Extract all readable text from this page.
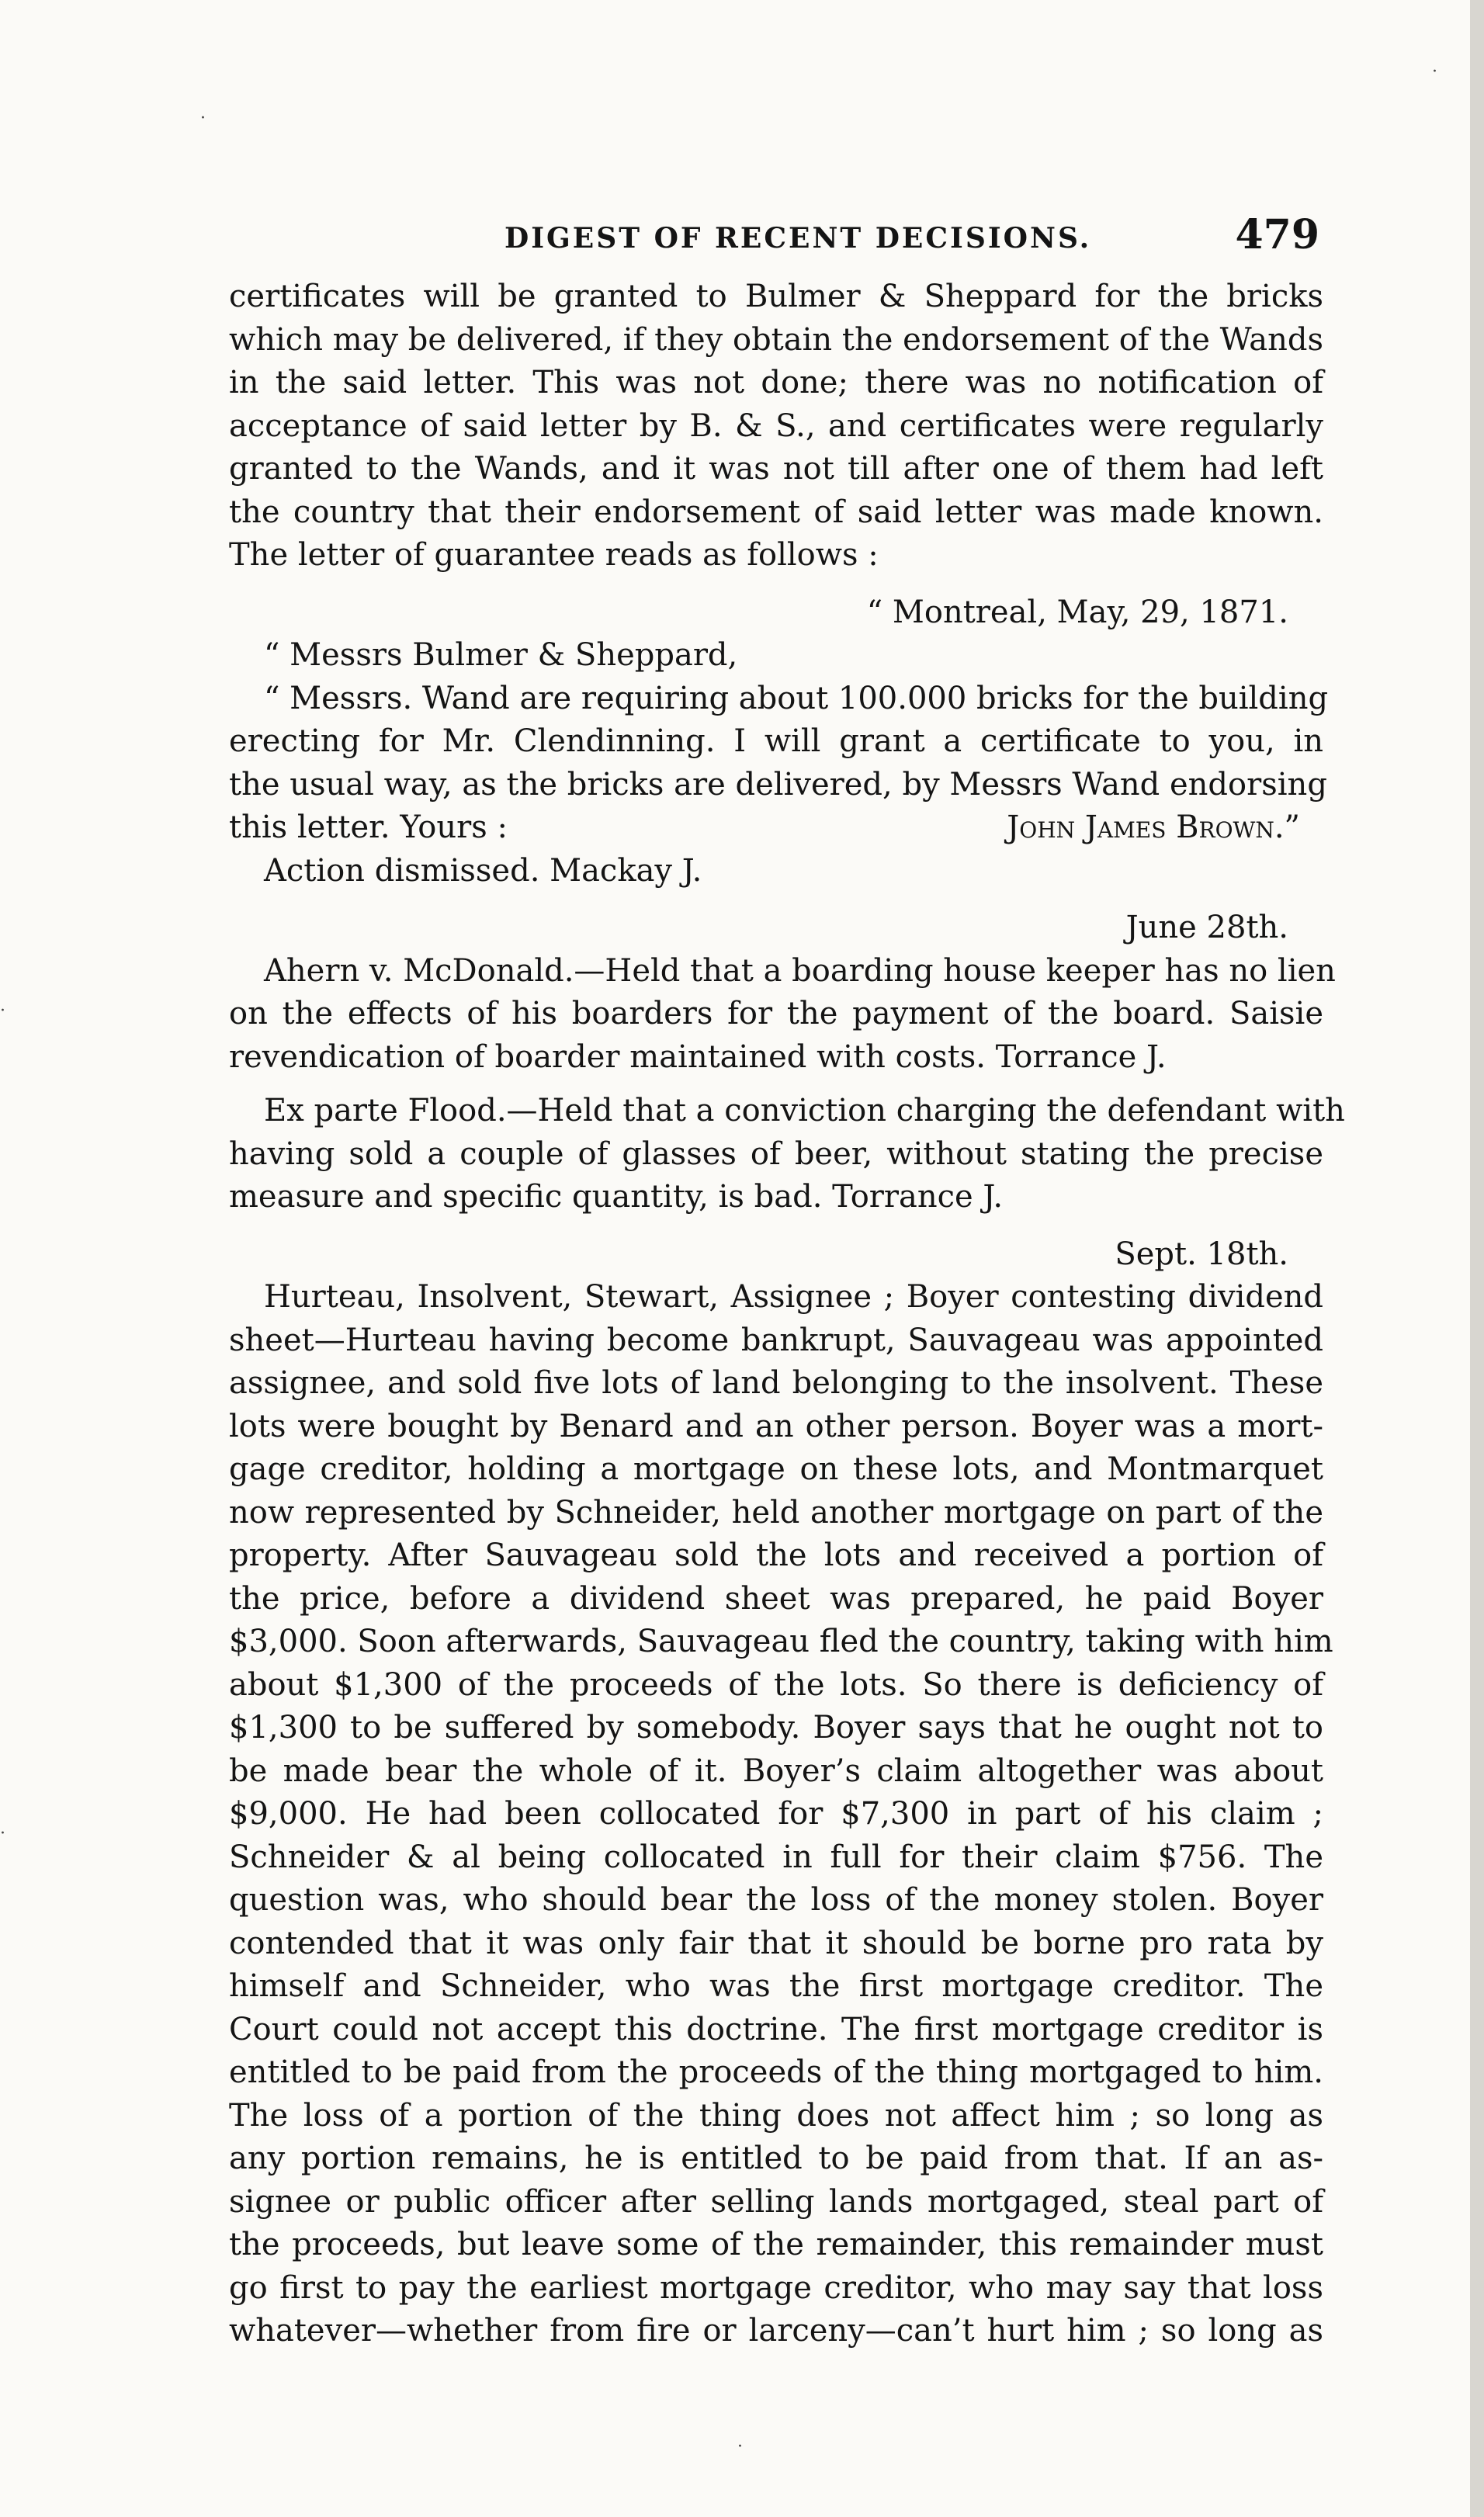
·
·
·
·
·
DIGEST OF RECENT DECISIONS.	479
certificates will be granted to Bulmer & Sheppard for the bricks
which may be delivered, if they obtain the endorsement of the Wands
in the said letter. This was not done; there was no notification of
acceptance of said letter by B. & S., and certificates were regularly
granted to the Wands, and it was not till after one of them had left
the country that their endorsement of said letter was made known.
The letter of guarantee reads as follows :
“ Montreal, May, 29, 1871.
“ Messrs Bulmer & Sheppard,
“ Messrs. Wand are requiring about 100.000 bricks for the building
erecting for Mr. Clendinning. I will grant a certificate to you, in
the usual way, as the bricks are delivered, by Messrs Wand endorsing
this letter. Yours :	John James Brown.”
Action dismissed. Mackay J.
June 28th.
Ahern v. McDonald.—Held that a boarding house keeper has no lien
on the effects of his boarders for the payment of the board. Saisie
revendication of boarder maintained with costs. Torrance J.
Ex parte Flood.—Held that a conviction charging the defendant with
having sold a couple of glasses of beer, without stating the precise
measure and specific quantity, is bad. Torrance J.
Sept. 18th.
Hurteau, Insolvent, Stewart, Assignee ; Boyer contesting dividend
sheet—Hurteau having become bankrupt, Sauvageau was appointed
assignee, and sold five lots of land belonging to the insolvent. These
lots were bought by Benard and an other person. Boyer was a mort-
gage creditor, holding a mortgage on these lots, and Montmarquet
now represented by Schneider, held another mortgage on part of the
property. After Sauvageau sold the lots and received a portion of
the price, before a dividend sheet was prepared, he paid Boyer
$3,000. Soon afterwards, Sauvageau fled the country, taking with him
about $1,300 of the proceeds of the lots. So there is deficiency of
$1,300 to be suffered by somebody. Boyer says that he ought not to
be made bear the whole of it. Boyer’s claim altogether was about
$9,000. He had been collocated for $7,300 in part of his claim ;
Schneider & al being collocated in full for their claim $756. The
question was, who should bear the loss of the money stolen. Boyer
contended that it was only fair that it should be borne pro rata by
himself and Schneider, who was the first mortgage creditor. The
Court could not accept this doctrine. The first mortgage creditor is
entitled to be paid from the proceeds of the thing mortgaged to him.
The loss of a portion of the thing does not affect him ; so long as
any portion remains, he is entitled to be paid from that. If an as-
signee or public officer after selling lands mortgaged, steal part of
the proceeds, but leave some of the remainder, this remainder must
go first to pay the earliest mortgage creditor, who may say that loss
whatever—whether from fire or larceny—can’t hurt him ; so long as
